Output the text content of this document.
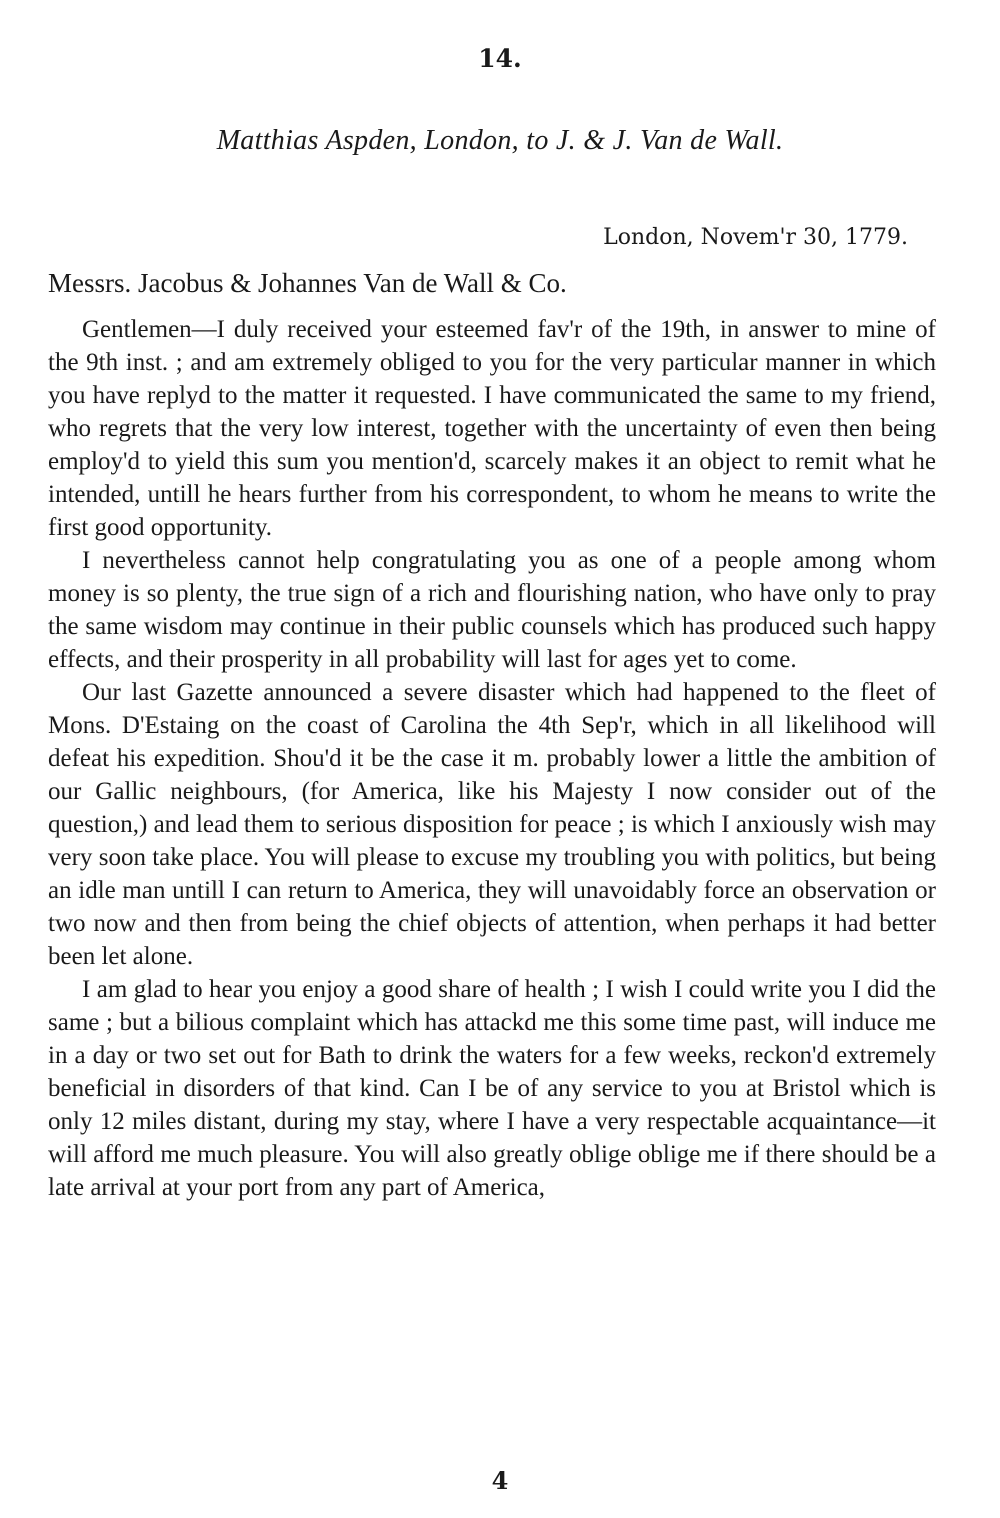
14.
Matthias Aspden, London, to J. & J. Van de Wall.
London, Novem'r 30, 1779.
Messrs. Jacobus & Johannes Van de Wall & Co.

Gentlemen—I duly received your esteemed fav'r of the 19th, in answer to mine of the 9th inst. ; and am extremely obliged to you for the very particular manner in which you have replyd to the matter it requested. I have communicated the same to my friend, who regrets that the very low interest, together with the uncertainty of even then being employ'd to yield this sum you mention'd, scarcely makes it an object to remit what he intended, untill he hears further from his correspondent, to whom he means to write the first good opportunity.

I nevertheless cannot help congratulating you as one of a people among whom money is so plenty, the true sign of a rich and flourishing nation, who have only to pray the same wisdom may continue in their public counsels which has produced such happy effects, and their prosperity in all probability will last for ages yet to come.

Our last Gazette announced a severe disaster which had happened to the fleet of Mons. D'Estaing on the coast of Carolina the 4th Sep'r, which in all likelihood will defeat his expedition. Shou'd it be the case it m. probably lower a little the ambition of our Gallic neighbours, (for America, like his Majesty I now consider out of the question,) and lead them to serious disposition for peace ; is which I anxiously wish may very soon take place. You will please to excuse my troubling you with politics, but being an idle man untill I can return to America, they will unavoidably force an observation or two now and then from being the chief objects of attention, when perhaps it had better been let alone.

I am glad to hear you enjoy a good share of health ; I wish I could write you I did the same ; but a bilious complaint which has attackd me this some time past, will induce me in a day or two set out for Bath to drink the waters for a few weeks, reckon'd extremely beneficial in disorders of that kind. Can I be of any service to you at Bristol which is only 12 miles distant, during my stay, where I have a very respectable acquaintance—it will afford me much pleasure. You will also greatly oblige oblige me if there should be a late arrival at your port from any part of America,

4
